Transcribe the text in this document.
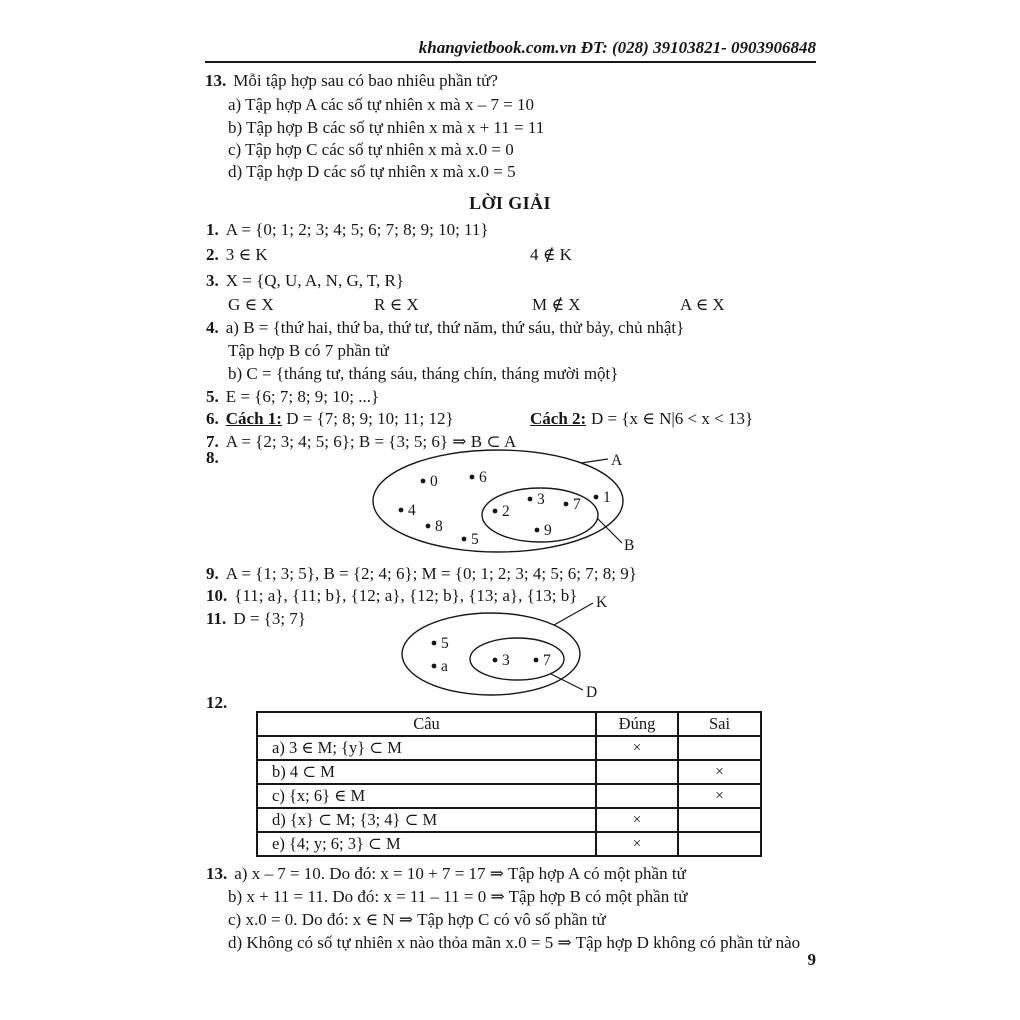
khangvietbook.com.vn ĐT: (028) 39103821- 0903906848
13. Mỗi tập hợp sau có bao nhiêu phần tử?
a) Tập hợp A các số tự nhiên x mà x – 7 = 10
b) Tập hợp B các số tự nhiên x mà x + 11 = 11
c) Tập hợp C các số tự nhiên x mà x.0 = 0
d) Tập hợp D các số tự nhiên x mà x.0 = 5
LỜI GIẢI
1. A = {0; 1; 2; 3; 4; 5; 6; 7; 8; 9; 10; 11}
2. 3 ∈ K	4 ∉ K
3. X = {Q, U, A, N, G, T, R}
G ∈ X	R ∈ X	M ∉ X	A ∈ X
4. a) B = {thứ hai, thứ ba, thứ tư, thứ năm, thứ sáu, thử bảy, chủ nhật}
Tập hợp B có 7 phần tử
b) C = {tháng tư, tháng sáu, tháng chín, tháng mười một}
5. E = {6; 7; 8; 9; 10; ...}
6. Cách 1: D = {7; 8; 9; 10; 11; 12}	Cách 2: D = {x ∈ N|6 < x < 13}
7. A = {2; 3; 4; 5; 6}; B = {3; 5; 6} ⇒ B ⊂ A
8.	A
B
0	6
4
8
5
2
3 7
9
1
9. A = {1; 3; 5}, B = {2; 4; 6}; M = {0; 1; 2; 3; 4; 5; 6; 7; 8; 9}
10. {11; a}, {11; b}, {12; a}, {12; b}, {13; a}, {13; b}
11. D = {3; 7}
K
D
5
a	3 7
12.
Câu	Đúng	Sai
a) 3 ∈ M; {y} ⊂ M	×	
b) 4 ⊂ M		×
c) {x; 6} ∈ M		×
d) {x} ⊂ M; {3; 4} ⊂ M	×	
e) {4; y; 6; 3} ⊂ M	×	
13. a) x – 7 = 10. Do đó: x = 10 + 7 = 17 ⇒ Tập hợp A có một phần tử
b) x + 11 = 11. Do đó: x = 11 – 11 = 0 ⇒ Tập hợp B có một phần tử
c) x.0 = 0. Do đó: x ∈ N ⇒ Tập hợp C có vô số phần tử
d) Không có số tự nhiên x nào thỏa mãn x.0 = 5 ⇒ Tập hợp D không có phần tử nào
9
